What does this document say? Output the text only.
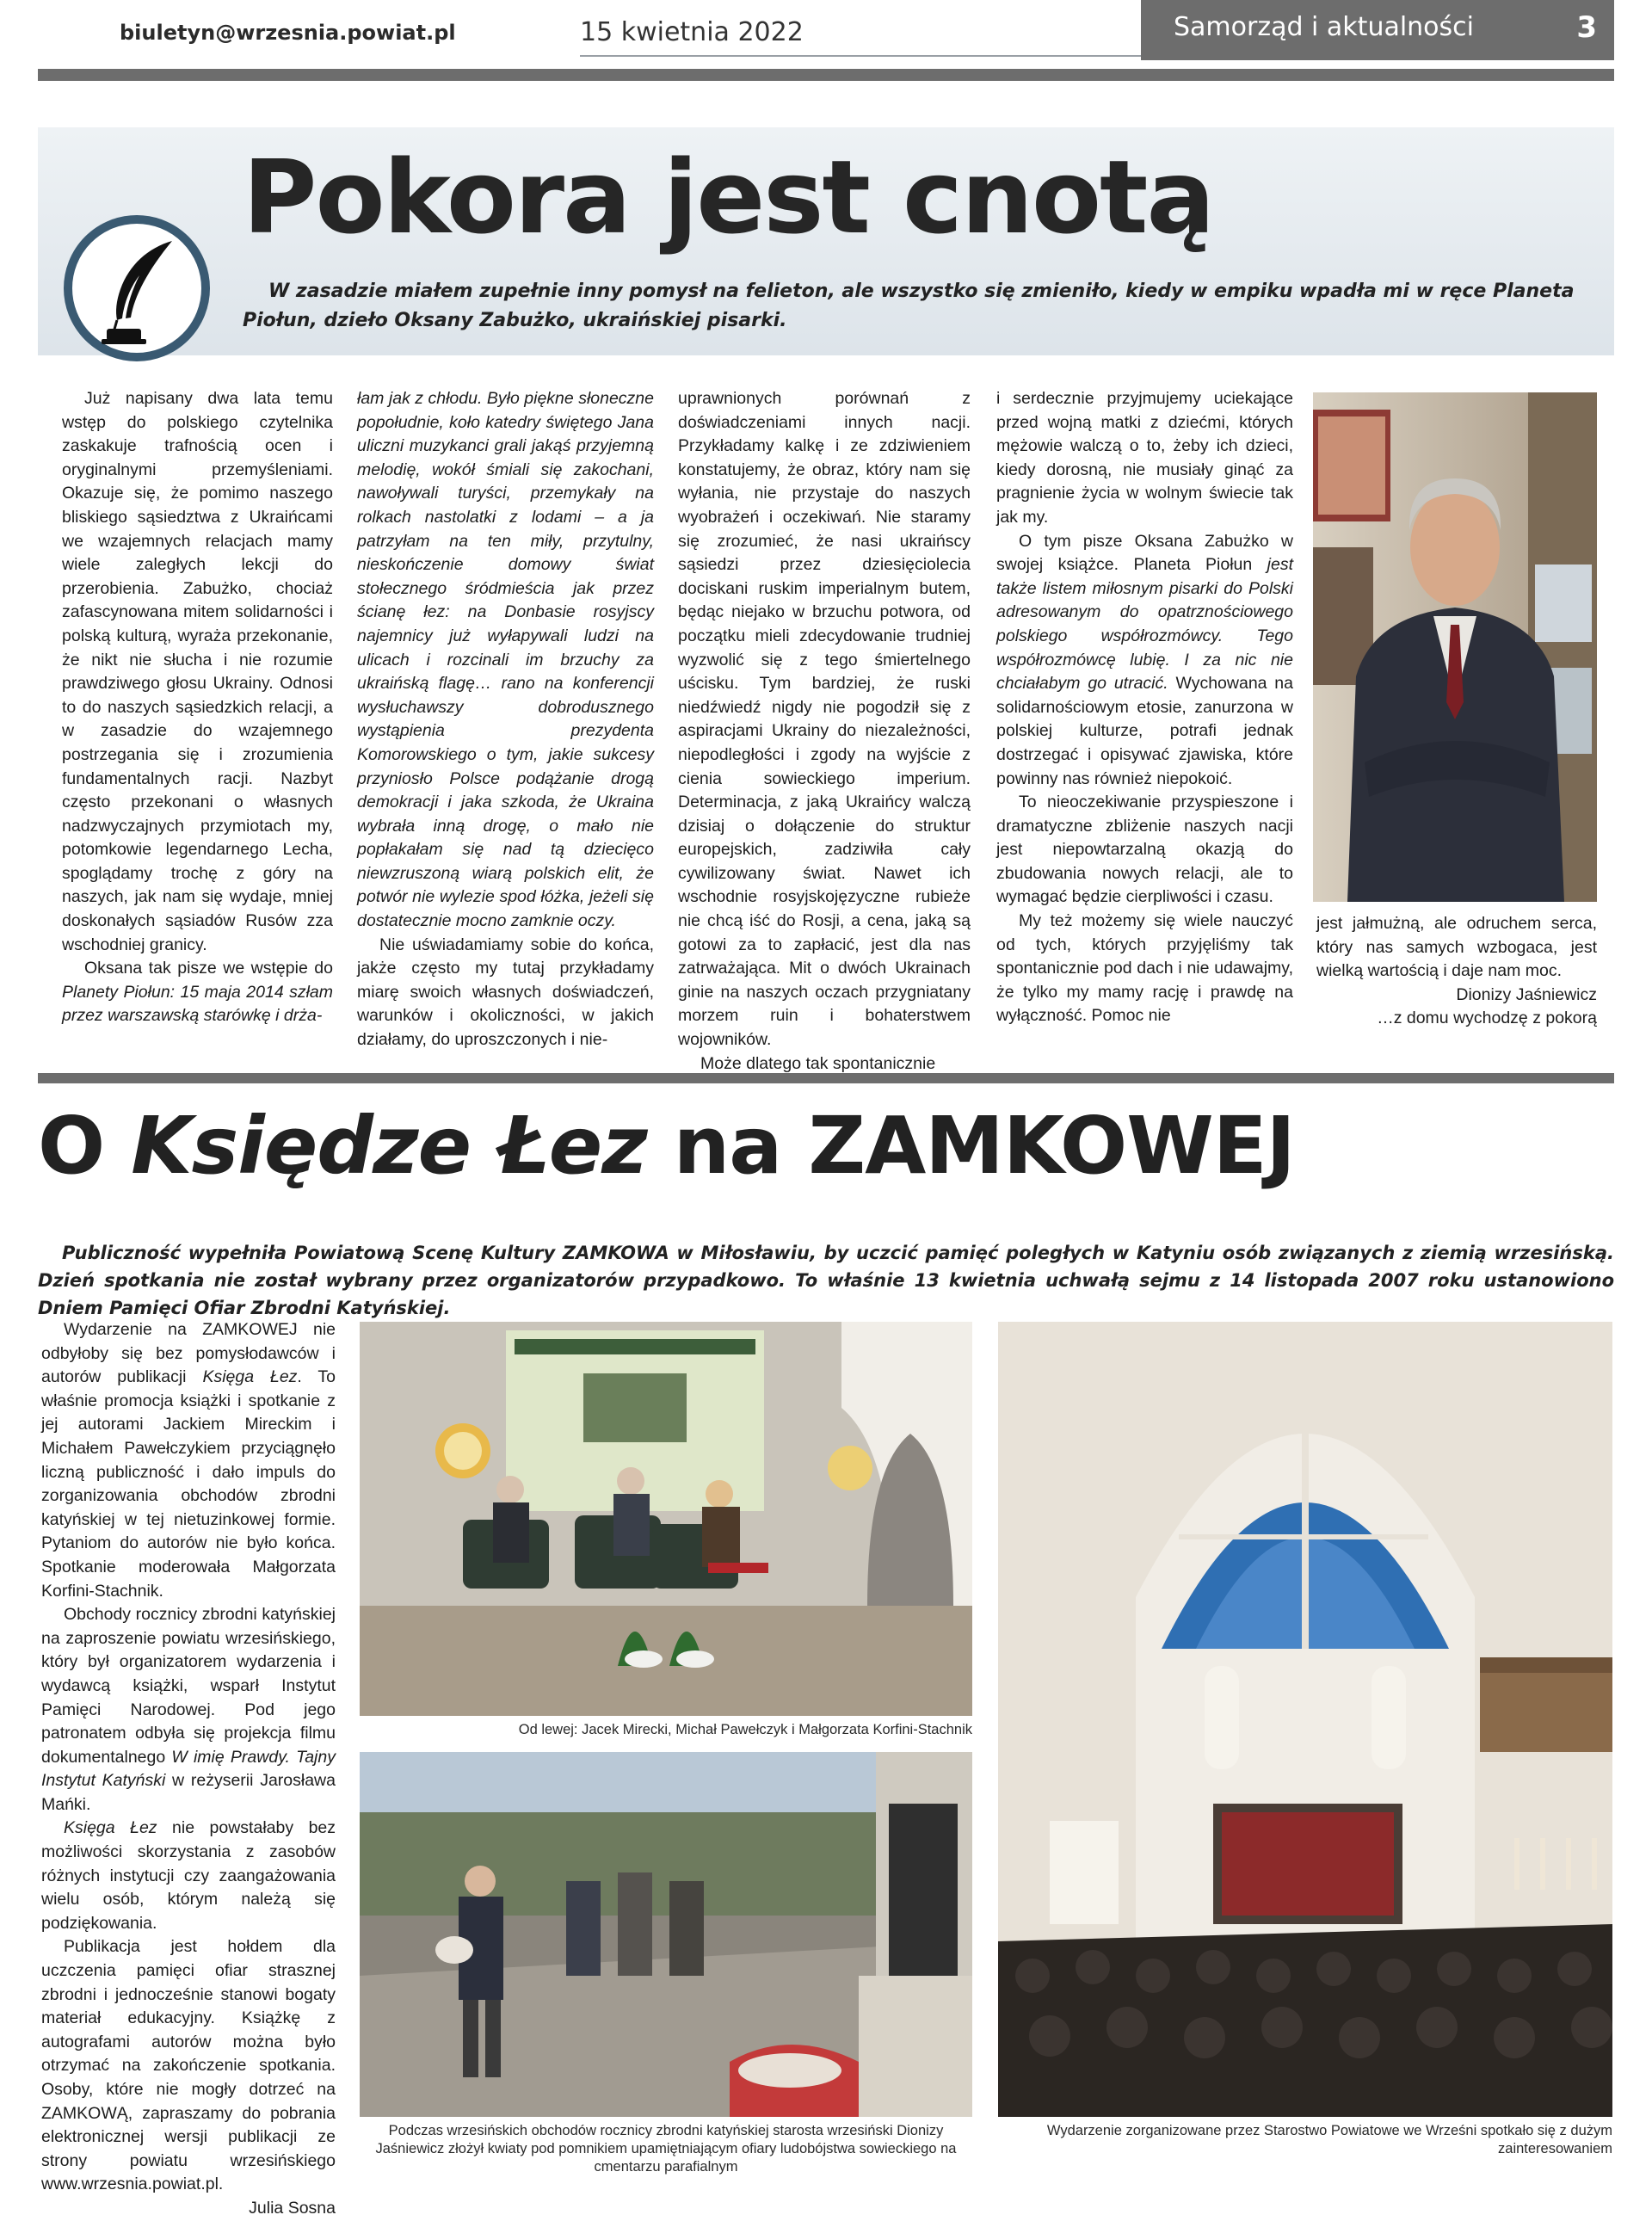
biuletyn@wrzesnia.powiat.pl	15 kwietnia 2022	Samorząd i aktualności	3
Pokora jest cnotą

W zasadzie miałem zupełnie inny pomysł na felieton, ale wszystko się zmieniło, kiedy w empiku wpadła mi w ręce Planeta Piołun, dzieło Oksany Zabużko, ukraińskiej pisarki.

Już napisany dwa lata temu wstęp do polskiego czytelnika zaskakuje trafnością ocen i oryginalnymi przemyśleniami. Okazuje się, że pomimo naszego bliskiego sąsiedztwa z Ukraińcami we wzajemnych relacjach mamy wiele zaległych lekcji do przerobienia. Zabużko, chociaż zafascynowana mitem solidarności i polską kulturą, wyraża przekonanie, że nikt nie słucha i nie rozumie prawdziwego głosu Ukrainy. Odnosi to do naszych sąsiedzkich relacji, a w zasadzie do wzajemnego postrzegania się i zrozumienia fundamentalnych racji. Nazbyt często przekonani o własnych nadzwyczajnych przymiotach my, potomkowie legendarnego Lecha, spoglądamy trochę z góry na naszych, jak nam się wydaje, mniej doskonałych sąsiadów Rusów zza wschodniej granicy.

Oksana tak pisze we wstępie do Planety Piołun: 15 maja 2014 szłam przez warszawską starówkę i drża-

łam jak z chłodu. Było piękne słoneczne popołudnie, koło katedry świętego Jana uliczni muzykanci grali jakąś przyjemną melodię, wokół śmiali się zakochani, nawoływali turyści, przemykały na rolkach nastolatki z lodami – a ja patrzyłam na ten miły, przytulny, nieskończenie domowy świat stołecznego śródmieścia jak przez ścianę łez: na Donbasie rosyjscy najemnicy już wyłapywali ludzi na ulicach i rozcinali im brzuchy za ukraińską flagę… rano na konferencji wysłuchawszy dobrodusznego wystąpienia prezydenta Komorowskiego o tym, jakie sukcesy przyniosło Polsce podążanie drogą demokracji i jaka szkoda, że Ukraina wybrała inną drogę, o mało nie popłakałam się nad tą dziecięco niewzruszoną wiarą polskich elit, że potwór nie wylezie spod łóżka, jeżeli się dostatecznie mocno zamknie oczy.

Nie uświadamiamy sobie do końca, jakże często my tutaj przykładamy miarę swoich własnych doświadczeń, warunków i okoliczności, w jakich działamy, do uproszczonych i nie-

uprawnionych porównań z doświadczeniami innych nacji. Przykładamy kalkę i ze zdziwieniem konstatujemy, że obraz, który nam się wyłania, nie przystaje do naszych wyobrażeń i oczekiwań. Nie staramy się zrozumieć, że nasi ukraińscy sąsiedzi przez dziesięciolecia dociskani ruskim imperialnym butem, będąc niejako w brzuchu potwora, od początku mieli zdecydowanie trudniej wyzwolić się z tego śmiertelnego uścisku. Tym bardziej, że ruski niedźwiedź nigdy nie pogodził się z aspiracjami Ukrainy do niezależności, niepodległości i zgody na wyjście z cienia sowieckiego imperium. Determinacja, z jaką Ukraińcy walczą dzisiaj o dołączenie do struktur europejskich, zadziwiła cały cywilizowany świat. Nawet ich wschodnie rosyjskojęzyczne rubieże nie chcą iść do Rosji, a cena, jaką są gotowi za to zapłacić, jest dla nas zatrważająca. Mit o dwóch Ukrainach ginie na naszych oczach przygniatany morzem ruin i bohaterstwem wojowników.

Może dlatego tak spontanicznie

i serdecznie przyjmujemy uciekające przed wojną matki z dziećmi, których mężowie walczą o to, żeby ich dzieci, kiedy dorosną, nie musiały ginąć za pragnienie życia w wolnym świecie tak jak my.

O tym pisze Oksana Zabużko w swojej książce. Planeta Piołun jest także listem miłosnym pisarki do Polski adresowanym do opatrznościowego polskiego współrozmówcy. Tego współrozmówcę lubię. I za nic nie chciałabym go utracić. Wychowana na solidarnościowym etosie, zanurzona w polskiej kulturze, potrafi jednak dostrzegać i opisywać zjawiska, które powinny nas również niepokoić.

To nieoczekiwanie przyspieszone i dramatyczne zbliżenie naszych nacji jest niepowtarzalną okazją do zbudowania nowych relacji, ale to wymagać będzie cierpliwości i czasu.

My też możemy się wiele nauczyć od tych, których przyjęliśmy tak spontanicznie pod dach i nie udawajmy, że tylko my mamy rację i prawdę na wyłączność. Pomoc nie

jest jałmużną, ale odruchem serca, który nas samych wzbogaca, jest wielką wartością i daje nam moc.

Dionizy Jaśniewicz

…z domu wychodzę z pokorą

O Księdze Łez na ZAMKOWEJ

Publiczność wypełniła Powiatową Scenę Kultury ZAMKOWA w Miłosławiu, by uczcić pamięć poległych w Katyniu osób związanych z ziemią wrzesińską. Dzień spotkania nie został wybrany przez organizatorów przypadkowo. To właśnie 13 kwietnia uchwałą sejmu z 14 listopada 2007 roku ustanowiono Dniem Pamięci Ofiar Zbrodni Katyńskiej.

Wydarzenie na ZAMKOWEJ nie odbyłoby się bez pomysłodawców i autorów publikacji Księga Łez. To właśnie promocja książki i spotkanie z jej autorami Jackiem Mireckim i Michałem Pawełczykiem przyciągnęło liczną publiczność i dało impuls do zorganizowania obchodów zbrodni katyńskiej w tej nietuzinkowej formie. Pytaniom do autorów nie było końca. Spotkanie moderowała Małgorzata Korfini-Stachnik.

Obchody rocznicy zbrodni katyńskiej na zaproszenie powiatu wrzesińskiego, który był organizatorem wydarzenia i wydawcą książki, wsparł Instytut Pamięci Narodowej. Pod jego patronatem odbyła się projekcja filmu dokumentalnego W imię Prawdy. Tajny Instytut Katyński w reżyserii Jarosława Mańki.

Księga Łez nie powstałaby bez możliwości skorzystania z zasobów różnych instytucji czy zaangażowania wielu osób, którym należą się podziękowania.

Publikacja jest hołdem dla uczczenia pamięci ofiar strasznej zbrodni i jednocześnie stanowi bogaty materiał edukacyjny. Książkę z autografami autorów można było otrzymać na zakończenie spotkania. Osoby, które nie mogły dotrzeć na ZAMKOWĄ, zapraszamy do pobrania elektronicznej wersji publikacji ze strony powiatu wrzesińskiego www.wrzesnia.powiat.pl.

Julia Sosna

Od lewej: Jacek Mirecki, Michał Pawełczyk i Małgorzata Korfini-Stachnik
Podczas wrzesińskich obchodów rocznicy zbrodni katyńskiej starosta wrzesiński Dionizy Jaśniewicz złożył kwiaty pod pomnikiem upamiętniającym ofiary ludobójstwa sowieckiego na cmentarzu parafialnym
Wydarzenie zorganizowane przez Starostwo Powiatowe we Wrześni spotkało się z dużym zainteresowaniem
